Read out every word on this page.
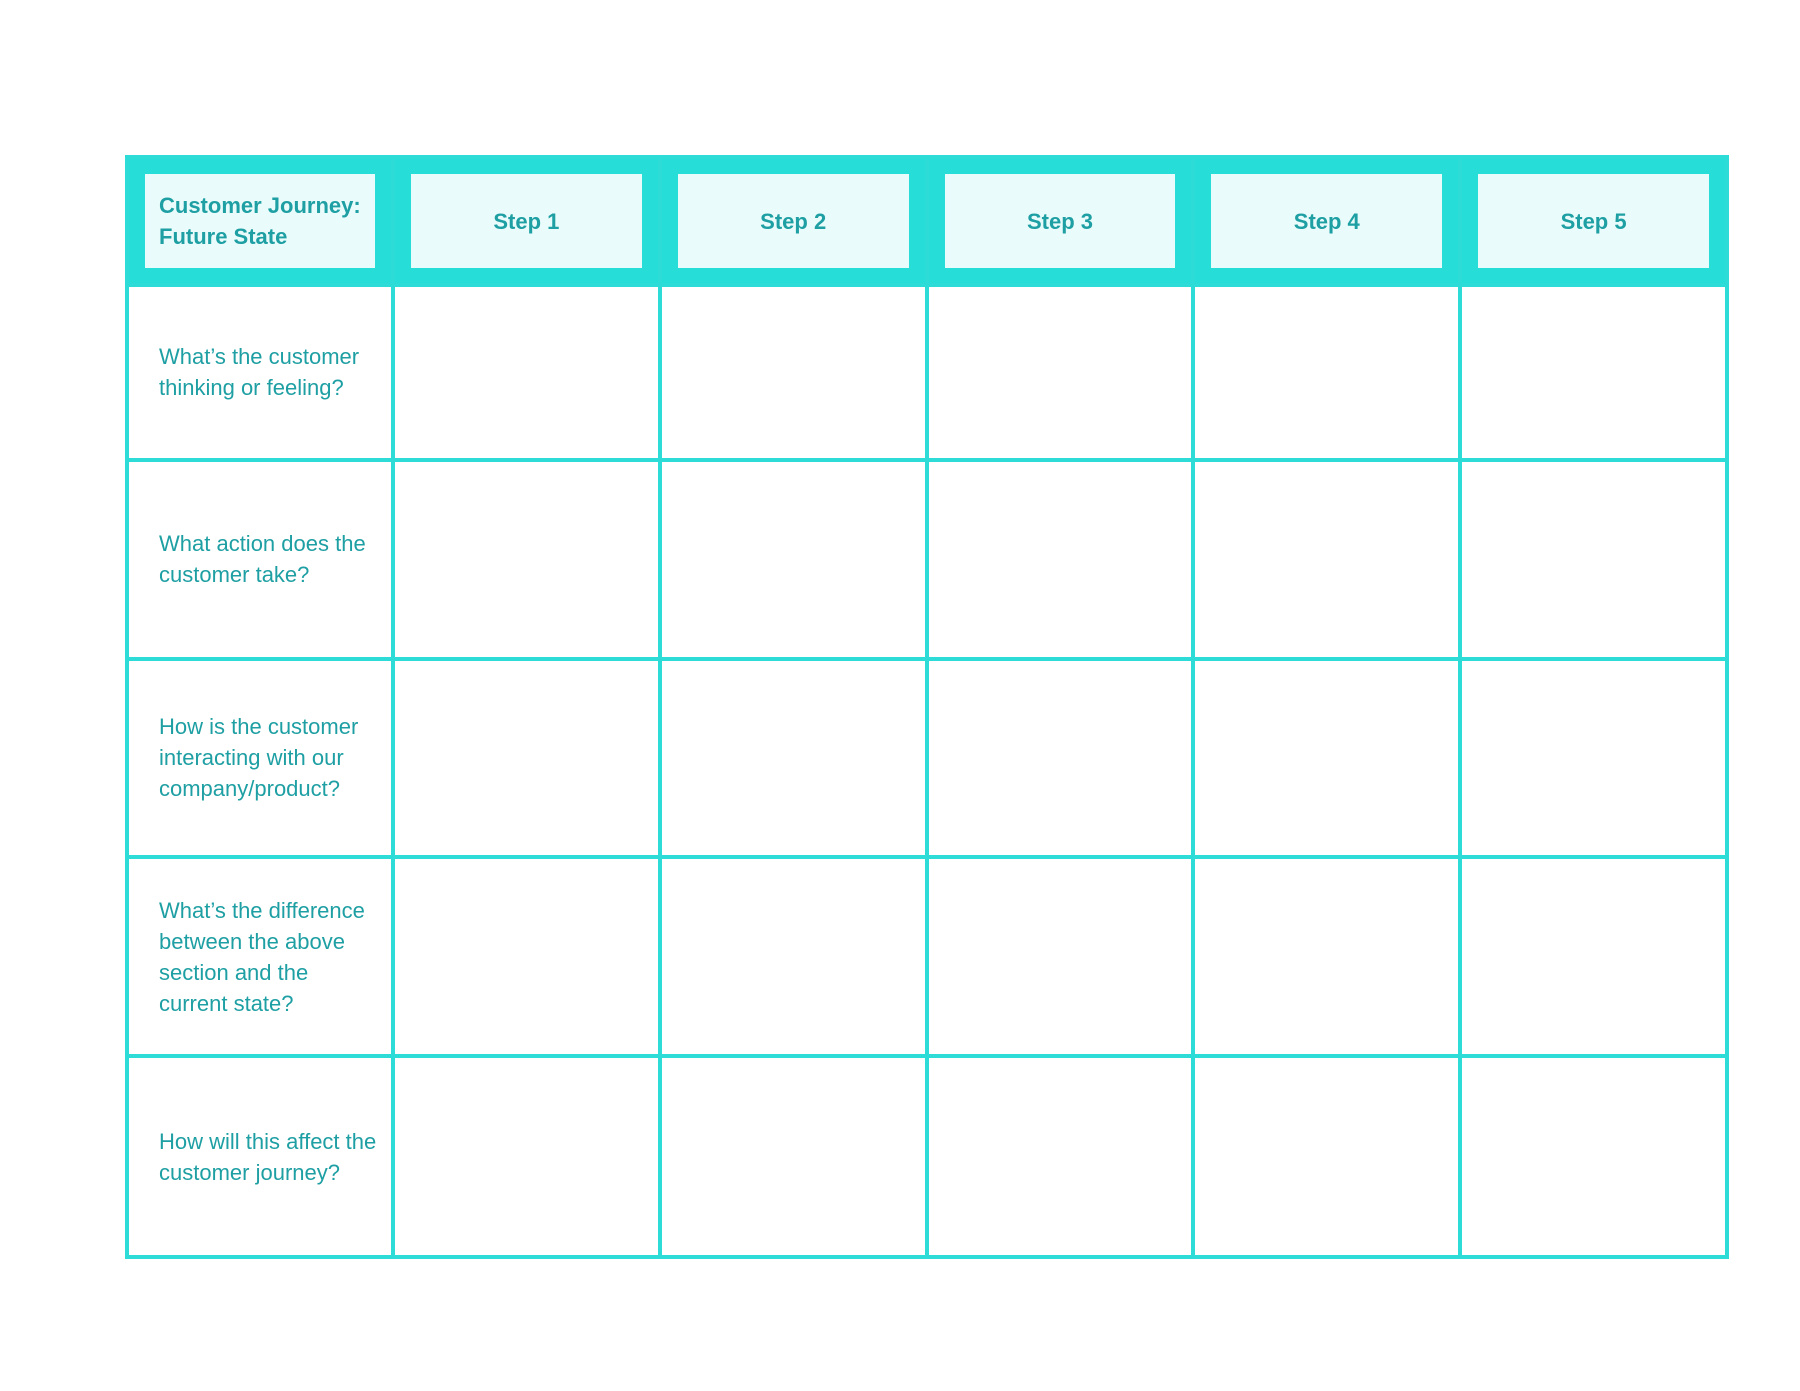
Customer Journey: Future State	Step 1	Step 2	Step 3	Step 4	Step 5

What’s the customer thinking or feeling?					
What action does the customer take?					
How is the customer interacting with our company/product?					
What’s the difference between the above section and the current state?					
How will this affect the customer journey?					
